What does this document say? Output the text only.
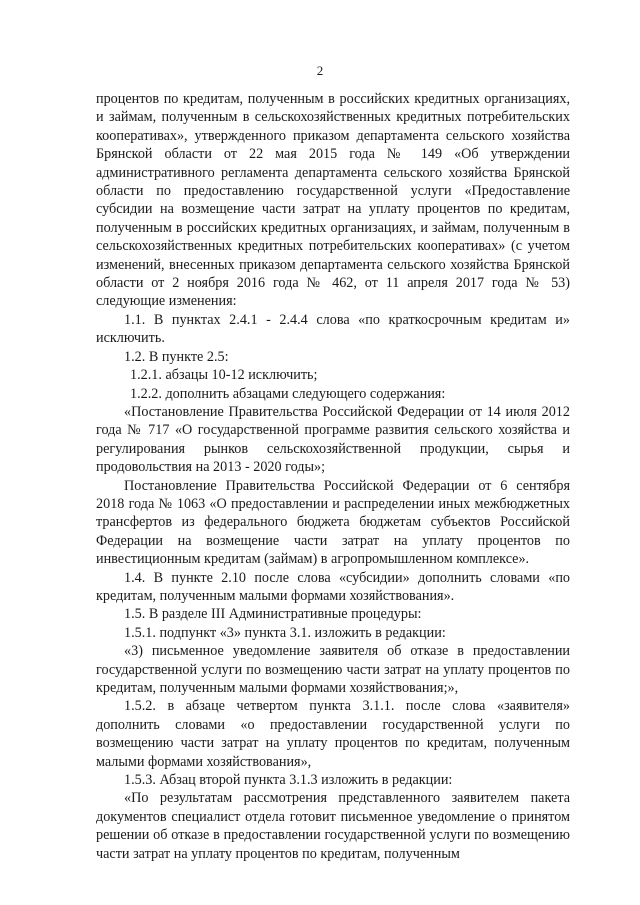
2

процентов по кредитам, полученным в российских кредитных организациях, и займам, полученным в сельскохозяйственных кредитных потребительских кооперативах», утвержденного приказом департамента сельского хозяйства Брянской области от 22 мая 2015 года № 149 «Об утверждении административного регламента департамента сельского хозяйства Брянской области по предоставлению государственной услуги «Предоставление субсидии на возмещение части затрат на уплату процентов по кредитам, полученным в российских кредитных организациях, и займам, полученным в сельскохозяйственных кредитных потребительских кооперативах» (с учетом изменений, внесенных приказом департамента сельского хозяйства Брянской области от 2 ноября 2016 года № 462, от 11 апреля 2017 года № 53) следующие изменения:

1.1. В пунктах 2.4.1 - 2.4.4 слова «по краткосрочным кредитам и» исключить.

1.2. В пункте 2.5:

1.2.1. абзацы 10-12 исключить;

1.2.2. дополнить абзацами следующего содержания:

«Постановление Правительства Российской Федерации от 14 июля 2012 года № 717 «О государственной программе развития сельского хозяйства и регулирования рынков сельскохозяйственной продукции, сырья и продовольствия на 2013 - 2020 годы»;

Постановление Правительства Российской Федерации от 6 сентября 2018 года № 1063 «О предоставлении и распределении иных межбюджетных трансфертов из федерального бюджета бюджетам субъектов Российской Федерации на возмещение части затрат на уплату процентов по инвестиционным кредитам (займам) в агропромышленном комплексе».

1.4. В пункте 2.10 после слова «субсидии» дополнить словами «по кредитам, полученным малыми формами хозяйствования».

1.5. В разделе III Административные процедуры:

1.5.1. подпункт «3» пункта 3.1. изложить в редакции:

«3) письменное уведомление заявителя об отказе в предоставлении государственной услуги по возмещению части затрат на уплату процентов по кредитам, полученным малыми формами хозяйствования;»,

1.5.2. в абзаце четвертом пункта 3.1.1. после слова «заявителя» дополнить словами «о предоставлении государственной услуги по возмещению части затрат на уплату процентов по кредитам, полученным малыми формами хозяйствования»,

1.5.3. Абзац второй пункта 3.1.3 изложить в редакции:

«По результатам рассмотрения представленного заявителем пакета документов специалист отдела готовит письменное уведомление о принятом решении об отказе в предоставлении государственной услуги по возмещению части затрат на уплату процентов по кредитам, полученным
